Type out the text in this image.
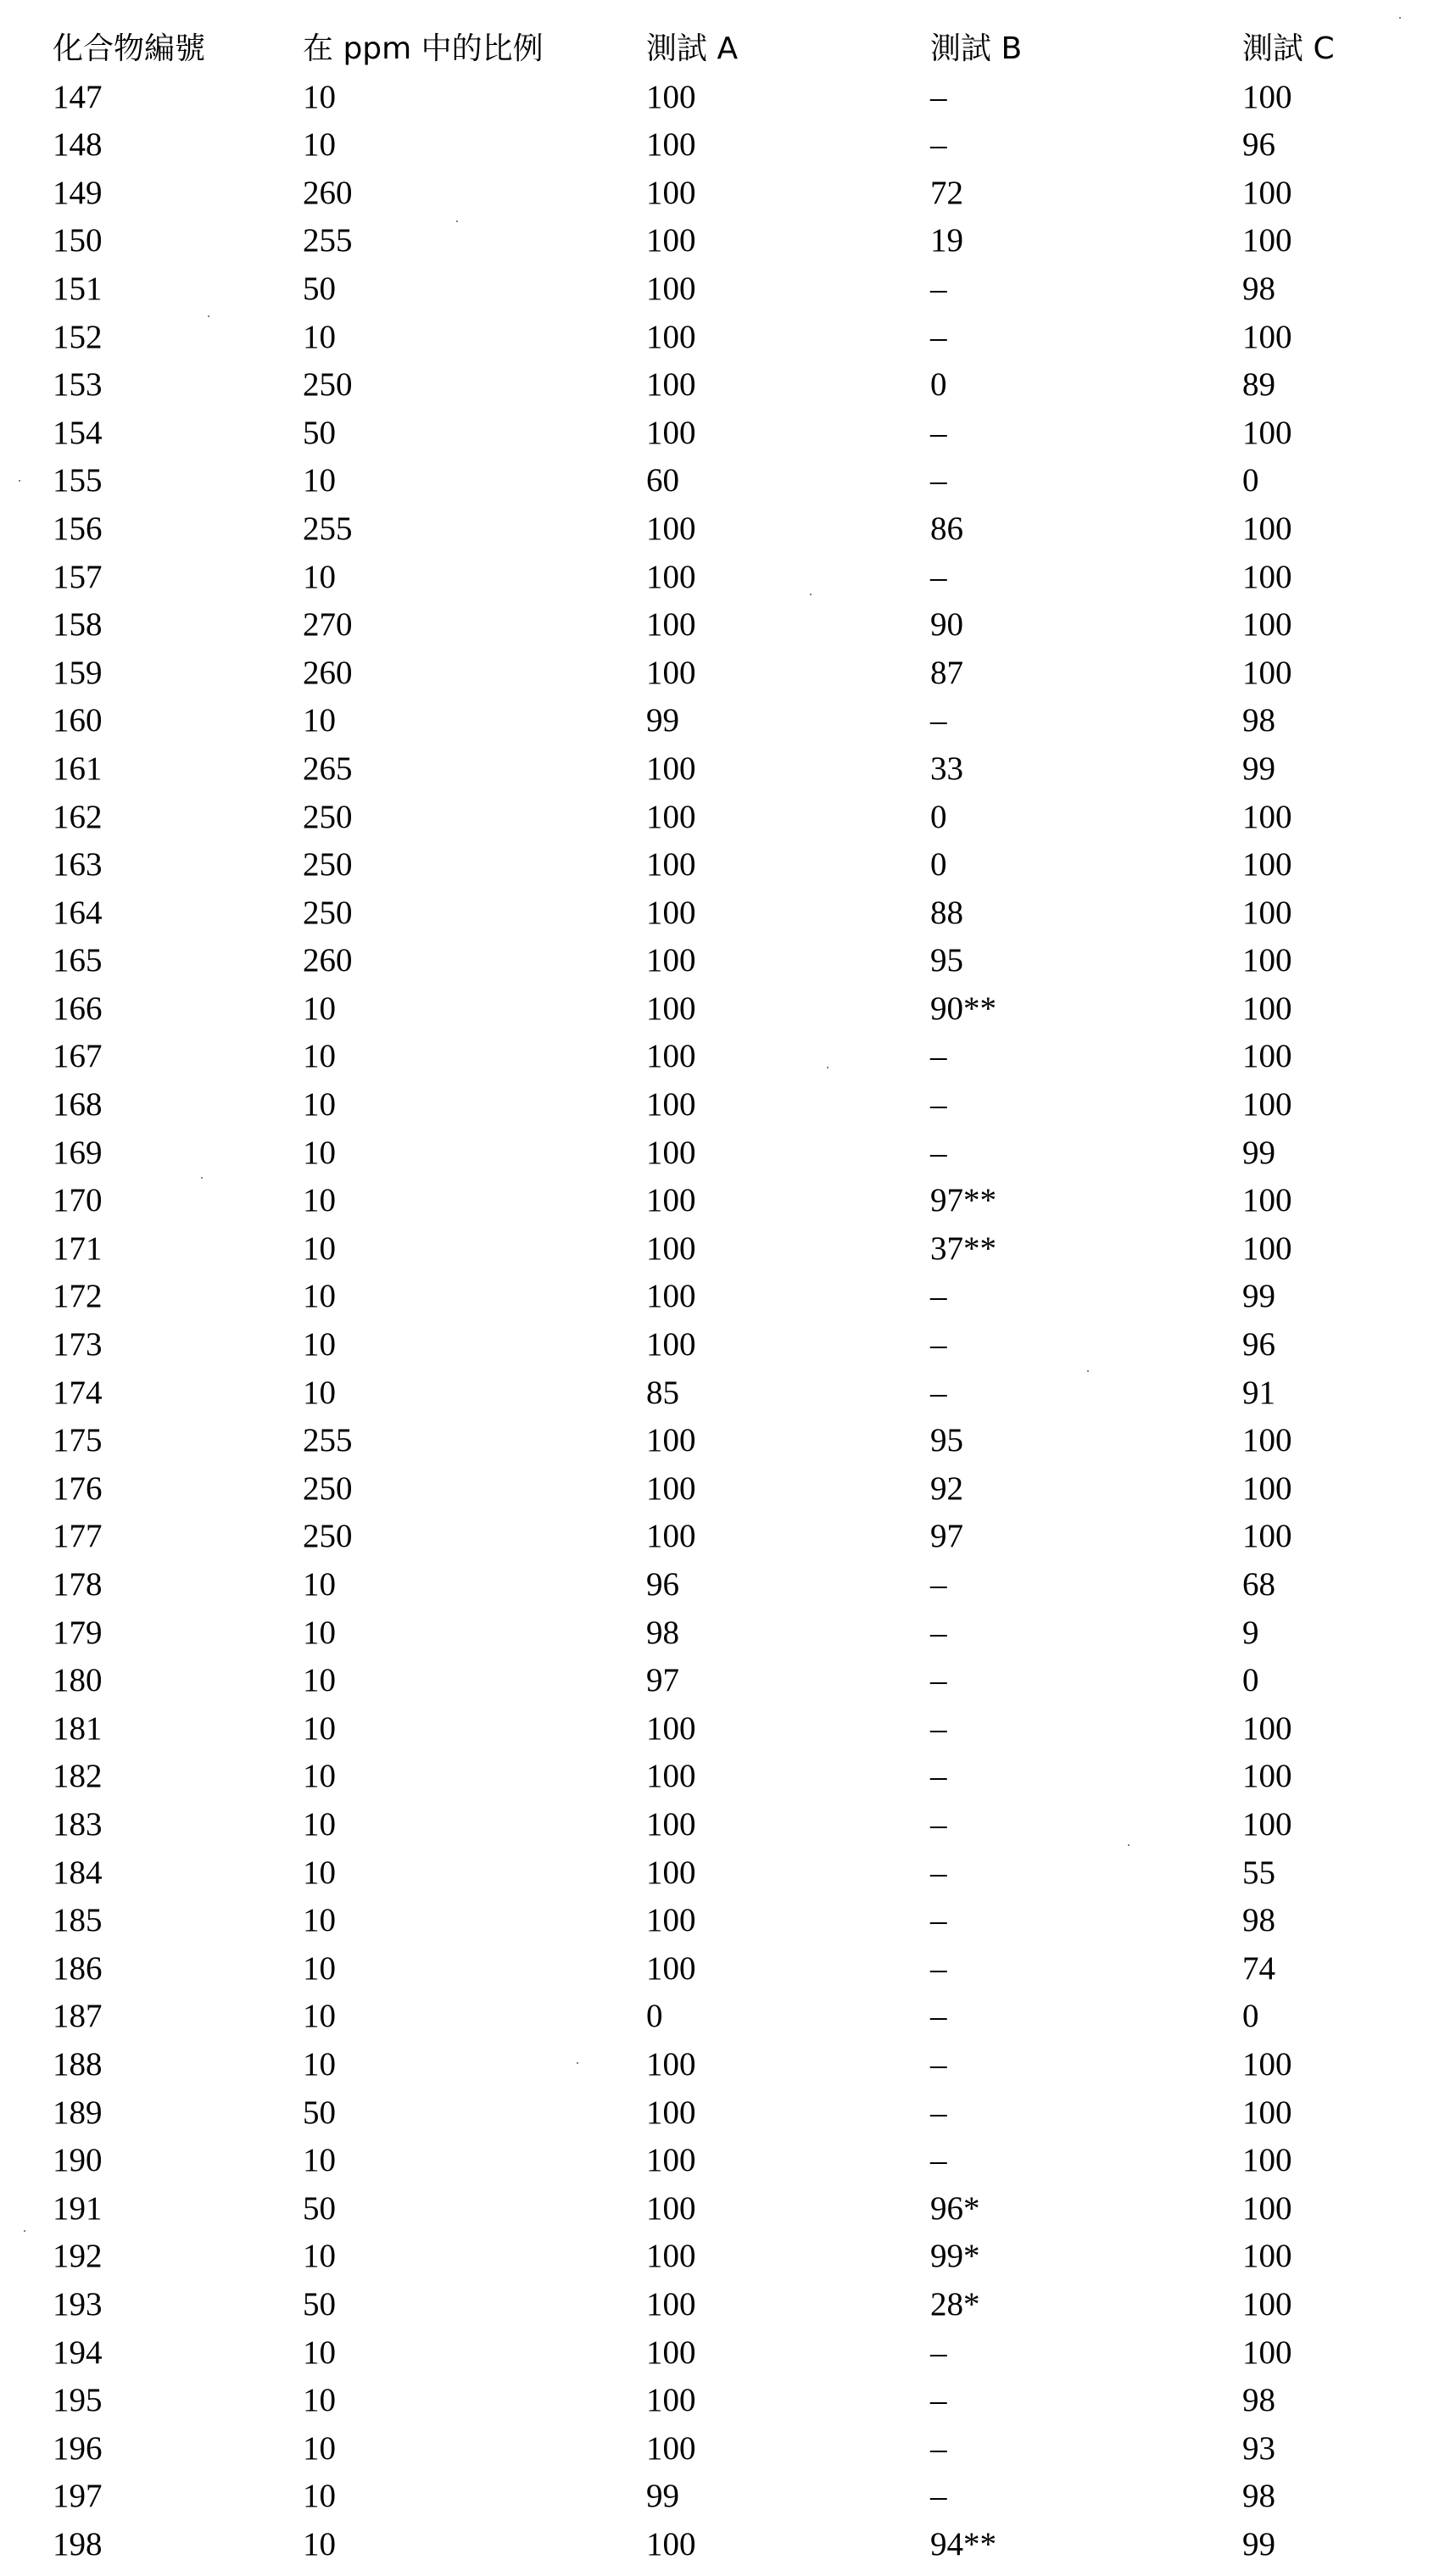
化合物編號	在 ppm 中的比例	測試 A	測試 B	測試 C
147	10	100	–	100
148	10	100	–	96
149	260	100	72	100
150	255	100	19	100
151	50	100	–	98
152	10	100	–	100
153	250	100	0	89
154	50	100	–	100
155	10	60	–	0
156	255	100	86	100
157	10	100	–	100
158	270	100	90	100
159	260	100	87	100
160	10	99	–	98
161	265	100	33	99
162	250	100	0	100
163	250	100	0	100
164	250	100	88	100
165	260	100	95	100
166	10	100	90**	100
167	10	100	–	100
168	10	100	–	100
169	10	100	–	99
170	10	100	97**	100
171	10	100	37**	100
172	10	100	–	99
173	10	100	–	96
174	10	85	–	91
175	255	100	95	100
176	250	100	92	100
177	250	100	97	100
178	10	96	–	68
179	10	98	–	9
180	10	97	–	0
181	10	100	–	100
182	10	100	–	100
183	10	100	–	100
184	10	100	–	55
185	10	100	–	98
186	10	100	–	74
187	10	0	–	0
188	10	100	–	100
189	50	100	–	100
190	10	100	–	100
191	50	100	96*	100
192	10	100	99*	100
193	50	100	28*	100
194	10	100	–	100
195	10	100	–	98
196	10	100	–	93
197	10	99	–	98
198	10	100	94**	99
